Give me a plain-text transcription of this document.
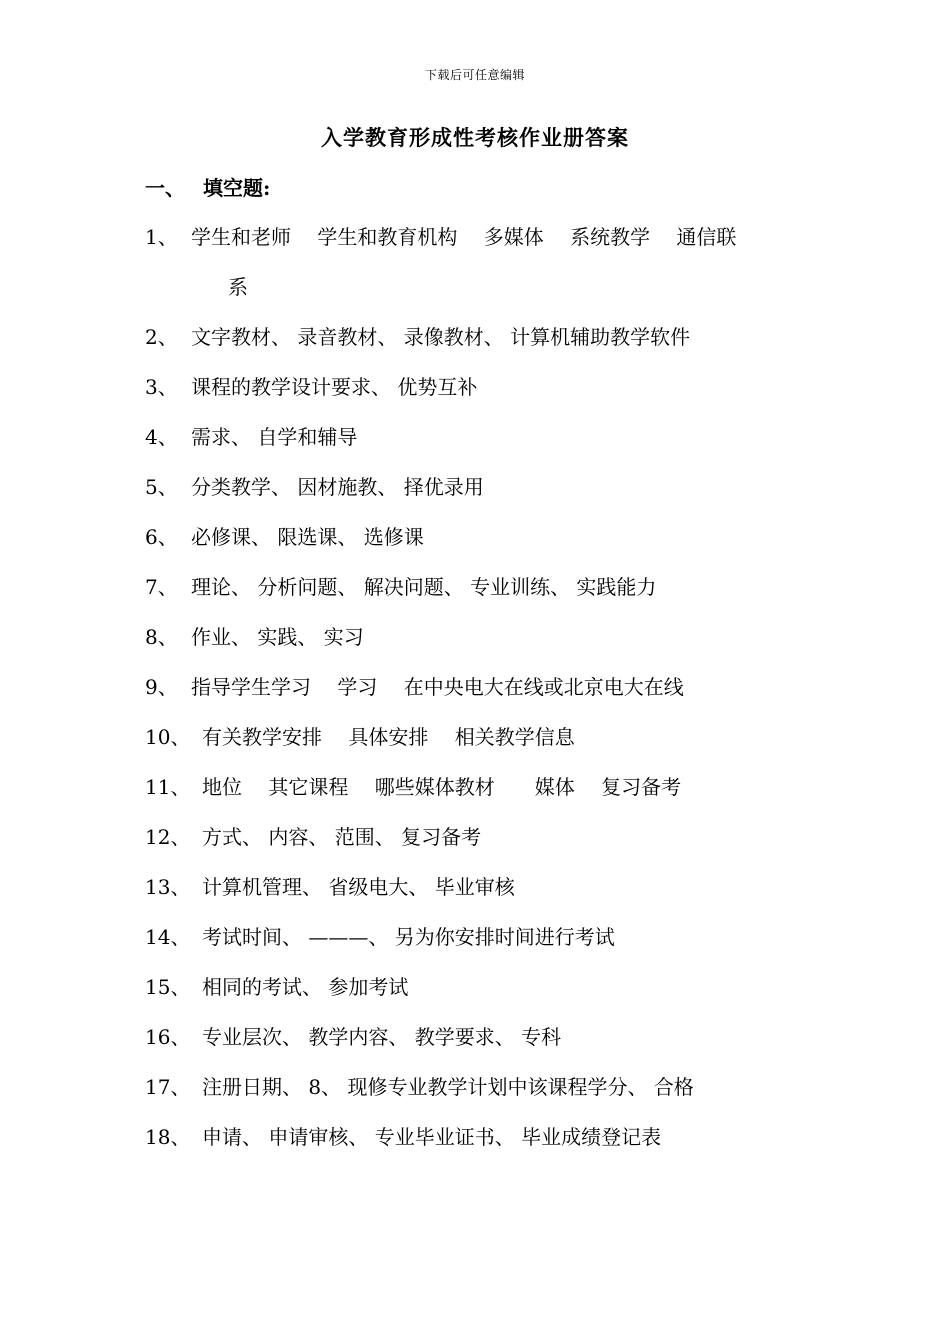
下载后可任意编辑
入学教育形成性考核作业册答案
一、 填空题:
1、 学生和老师　 学生和教育机构　 多媒体　 系统教学　 通信联
系
2、 文字教材、 录音教材、 录像教材、 计算机辅助教学软件
3、 课程的教学设计要求、 优势互补
4、 需求、 自学和辅导
5、 分类教学、 因材施教、 择优录用
6、 必修课、 限选课、 选修课
7、 理论、 分析问题、 解决问题、 专业训练、 实践能力
8、 作业、 实践、 实习
9、 指导学生学习　 学习　 在中央电大在线或北京电大在线
10、 有关教学安排　 具体安排　 相关教学信息
11、 地位　 其它课程　 哪些媒体教材　　媒体　 复习备考
12、 方式、 内容、 范围、 复习备考
13、 计算机管理、 省级电大、 毕业审核
14、 考试时间、 ———、 另为你安排时间进行考试
15、 相同的考试、 参加考试
16、 专业层次、 教学内容、 教学要求、 专科
17、 注册日期、 8、 现修专业教学计划中该课程学分、 合格
18、 申请、 申请审核、 专业毕业证书、 毕业成绩登记表
